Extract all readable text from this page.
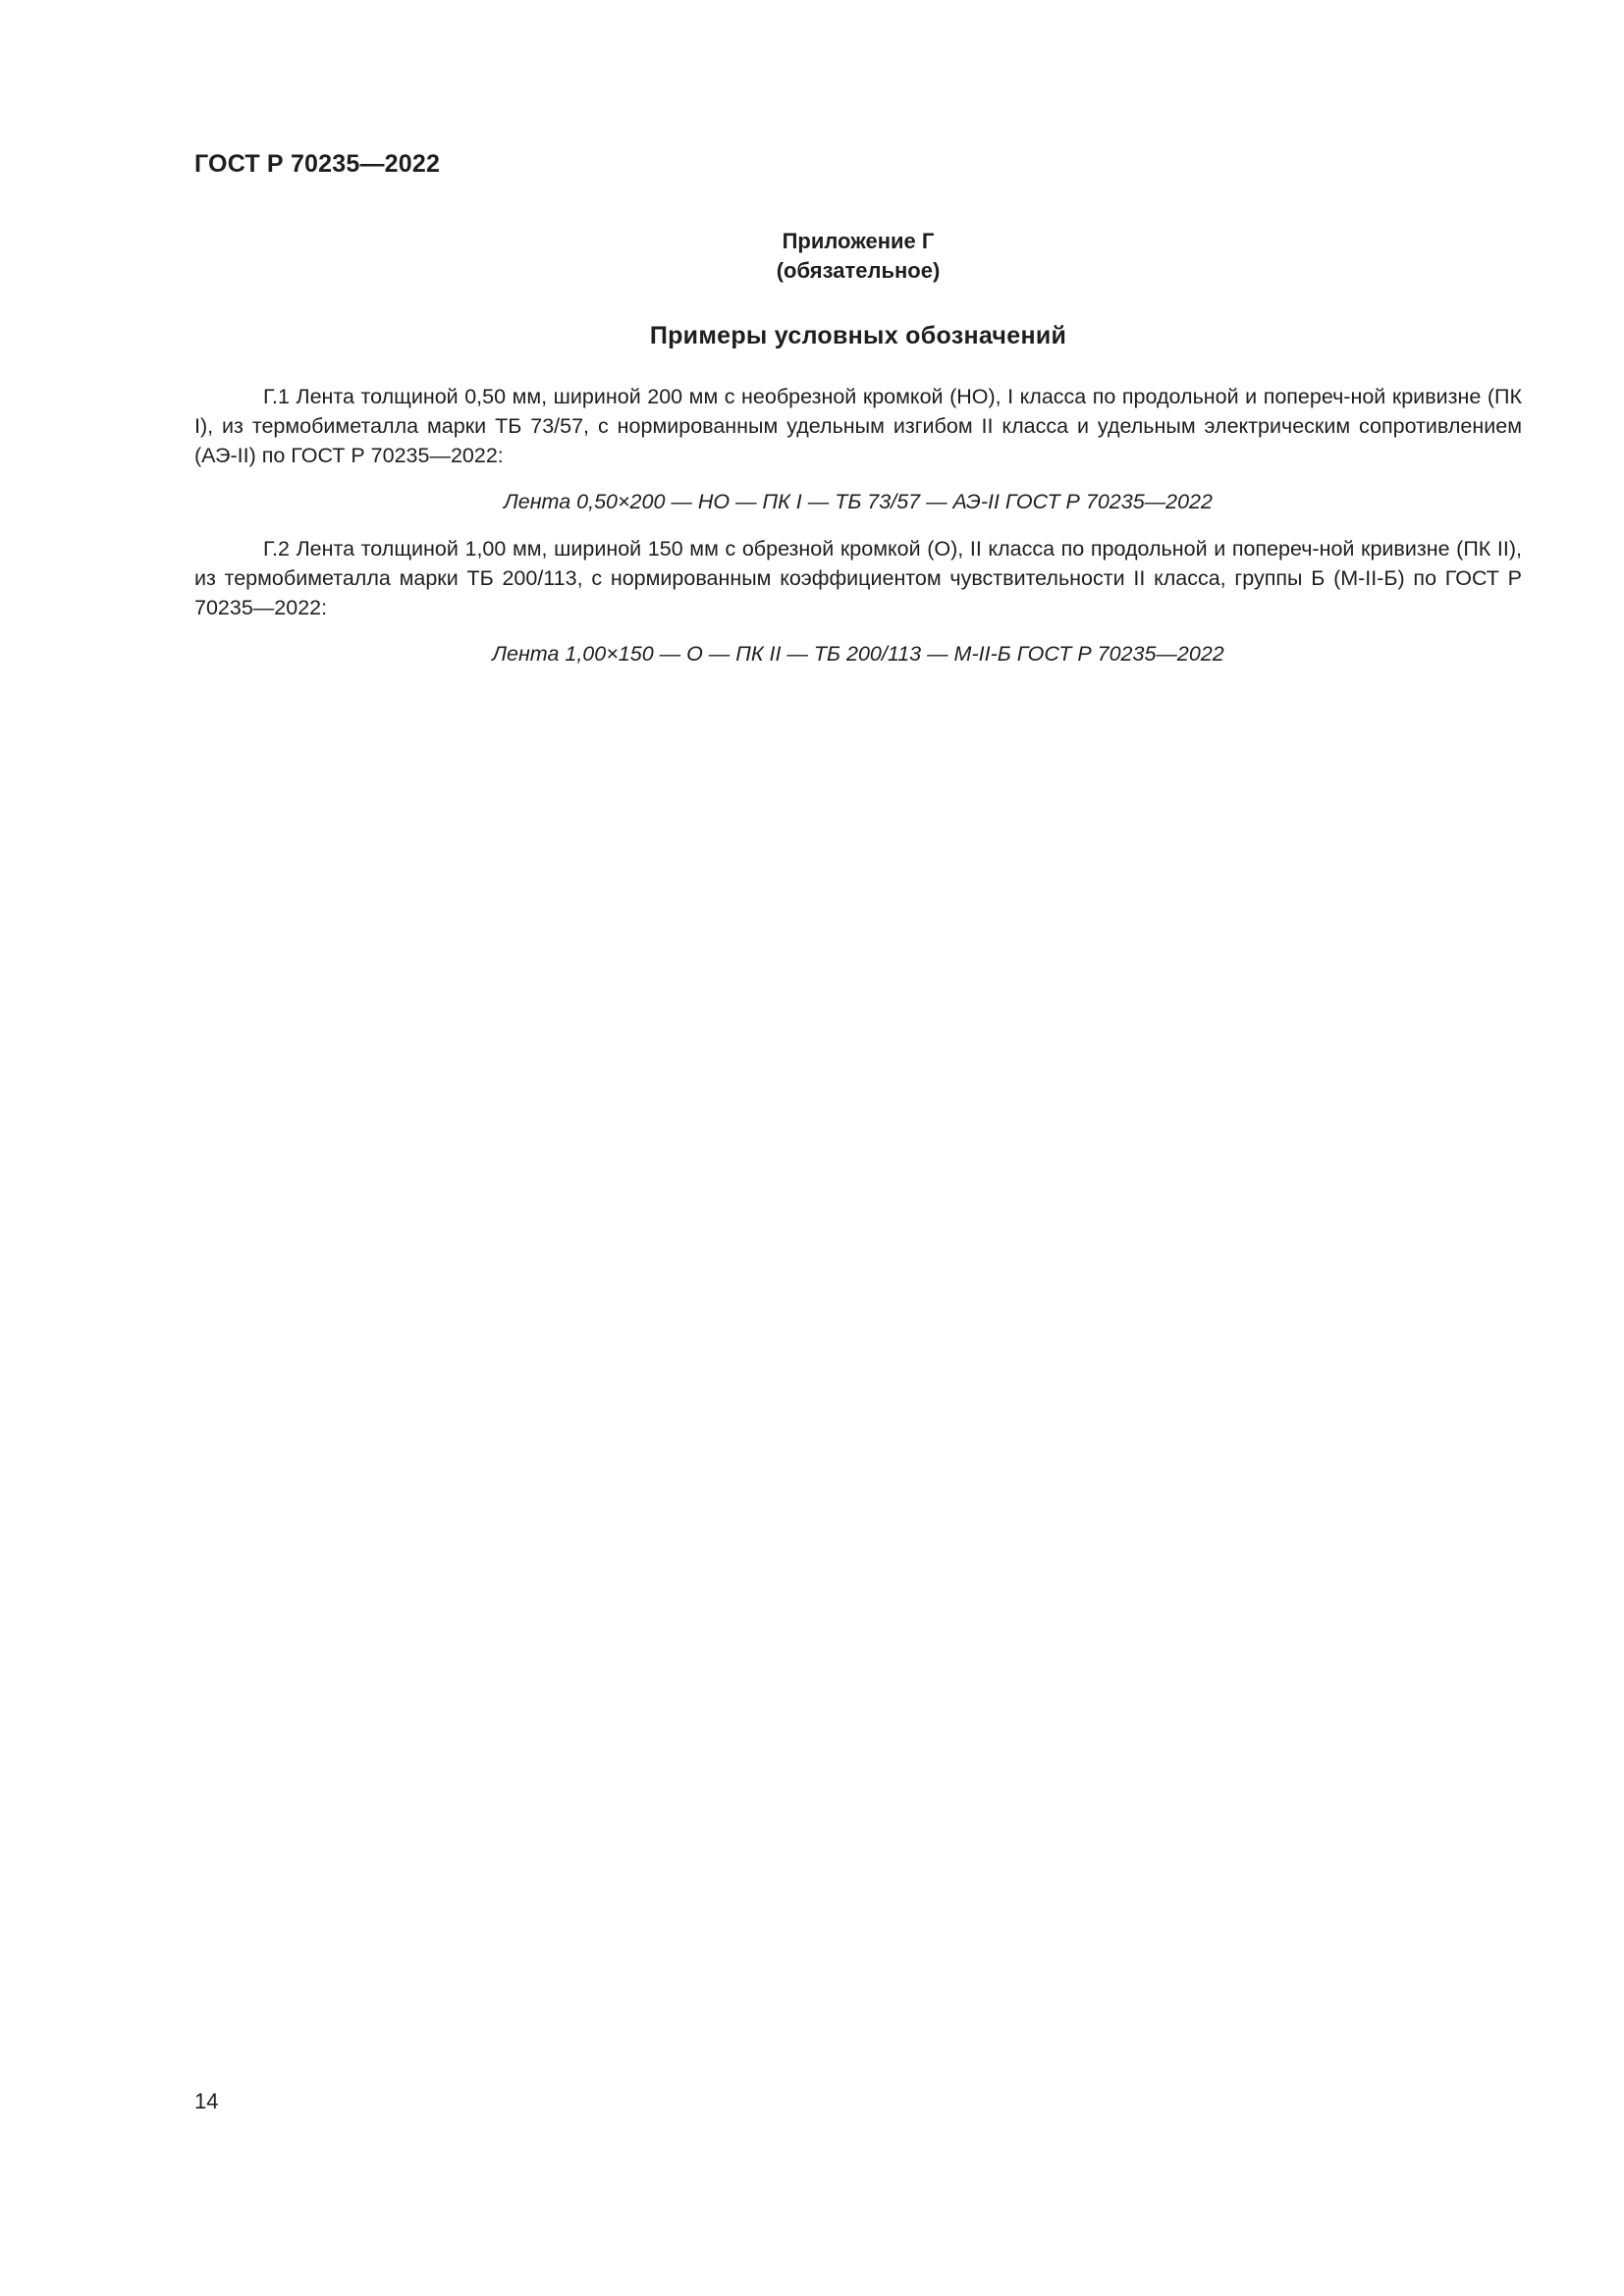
ГОСТ Р 70235—2022

Приложение Г
(обязательное)

Примеры условных обозначений

Г.1 Лента толщиной 0,50 мм, шириной 200 мм с необрезной кромкой (НО), I класса по продольной и попереч-ной кривизне (ПК I), из термобиметалла марки ТБ 73/57, с нормированным удельным изгибом II класса и удельным электрическим сопротивлением (АЭ-II) по ГОСТ Р 70235—2022:

Лента 0,50×200 — НО — ПК I — ТБ 73/57 — АЭ-II ГОСТ Р 70235—2022

Г.2 Лента толщиной 1,00 мм, шириной 150 мм с обрезной кромкой (О), II класса по продольной и попереч-ной кривизне (ПК II), из термобиметалла марки ТБ 200/113, с нормированным коэффициентом чувствительности II класса, группы Б (М-II-Б) по ГОСТ Р 70235—2022:

Лента 1,00×150 — О — ПК II — ТБ 200/113 — М-II-Б ГОСТ Р 70235—2022

14
